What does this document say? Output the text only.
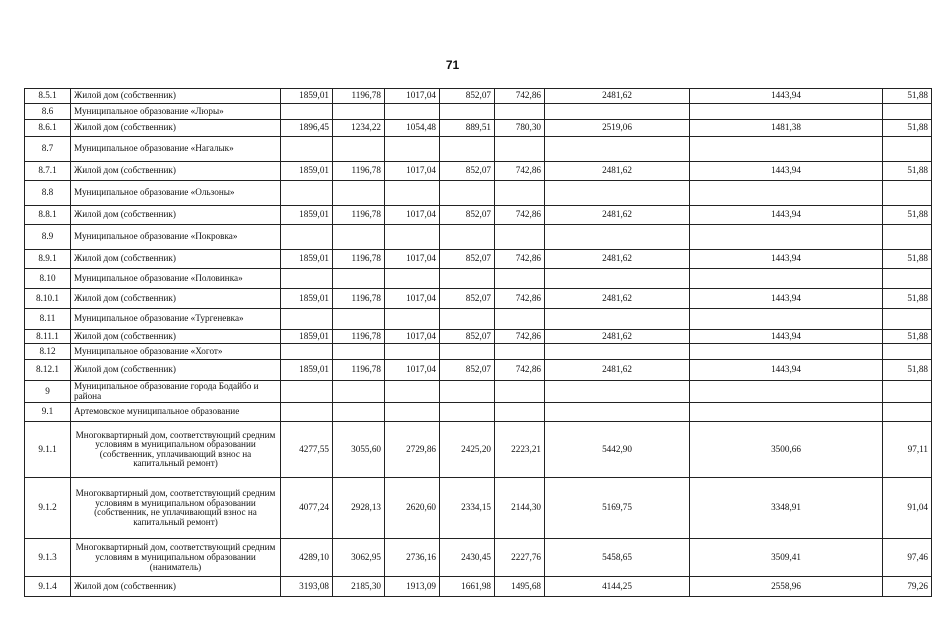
71
8.5.1	Жилой дом (собственник)	1859,01	1196,78	1017,04	852,07	742,86	2481,62	1443,94	51,88
8.6	Муниципальное образование «Люры»								
8.6.1	Жилой дом (собственник)	1896,45	1234,22	1054,48	889,51	780,30	2519,06	1481,38	51,88
8.7	Муниципальное образование «Нагалык»								
8.7.1	Жилой дом (собственник)	1859,01	1196,78	1017,04	852,07	742,86	2481,62	1443,94	51,88
8.8	Муниципальное образование «Ользоны»								
8.8.1	Жилой дом (собственник)	1859,01	1196,78	1017,04	852,07	742,86	2481,62	1443,94	51,88
8.9	Муниципальное образование «Покровка»								
8.9.1	Жилой дом (собственник)	1859,01	1196,78	1017,04	852,07	742,86	2481,62	1443,94	51,88
8.10	Муниципальное образование «Половинка»								
8.10.1	Жилой дом (собственник)	1859,01	1196,78	1017,04	852,07	742,86	2481,62	1443,94	51,88
8.11	Муниципальное образование «Тургеневка»								
8.11.1	Жилой дом (собственник)	1859,01	1196,78	1017,04	852,07	742,86	2481,62	1443,94	51,88
8.12	Муниципальное образование «Хогот»								
8.12.1	Жилой дом (собственник)	1859,01	1196,78	1017,04	852,07	742,86	2481,62	1443,94	51,88
9	Муниципальное образование города Бодайбо и района								
9.1	Артемовское муниципальное образование								
9.1.1	Многоквартирный дом, соответствующий средним условиям в муниципальном образовании (собственник, уплачивающий взнос на капитальный ремонт)	4277,55	3055,60	2729,86	2425,20	2223,21	5442,90	3500,66	97,11
9.1.2	Многоквартирный дом, соответствующий средним условиям в муниципальном образовании (собственник, не уплачивающий взнос на капитальный ремонт)	4077,24	2928,13	2620,60	2334,15	2144,30	5169,75	3348,91	91,04
9.1.3	Многоквартирный дом, соответствующий средним условиям в муниципальном образовании (наниматель)	4289,10	3062,95	2736,16	2430,45	2227,76	5458,65	3509,41	97,46
9.1.4	Жилой дом (собственник)	3193,08	2185,30	1913,09	1661,98	1495,68	4144,25	2558,96	79,26
